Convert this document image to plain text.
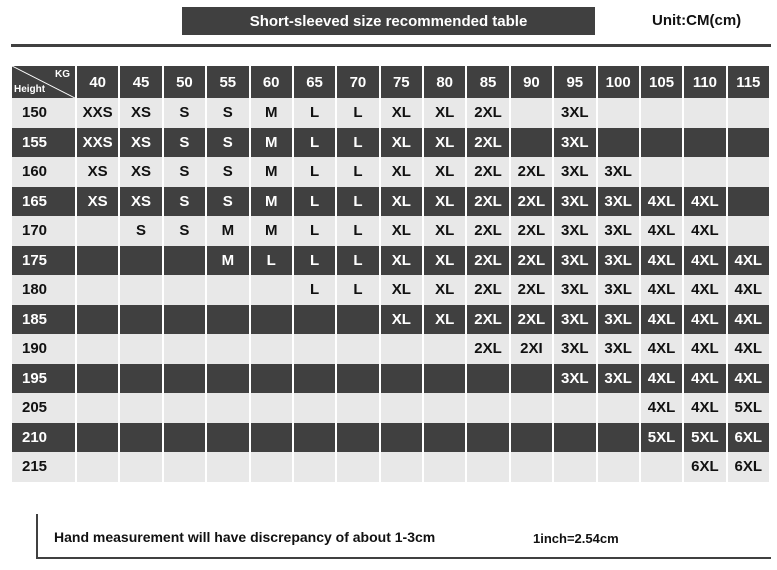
Short-sleeved size recommended table	Unit:CM(cm)
KG
Height	40	45	50	55	60	65	70	75	80	85	90	95	100	105	110	115
150	XXS	XS	S	S	M	L	L	XL	XL	2XL		3XL				
155	XXS	XS	S	S	M	L	L	XL	XL	2XL		3XL				
160	XS	XS	S	S	M	L	L	XL	XL	2XL	2XL	3XL	3XL			
165	XS	XS	S	S	M	L	L	XL	XL	2XL	2XL	3XL	3XL	4XL	4XL	
170		S	S	M	M	L	L	XL	XL	2XL	2XL	3XL	3XL	4XL	4XL	
175				M	L	L	L	XL	XL	2XL	2XL	3XL	3XL	4XL	4XL	4XL
180						L	L	XL	XL	2XL	2XL	3XL	3XL	4XL	4XL	4XL
185								XL	XL	2XL	2XL	3XL	3XL	4XL	4XL	4XL
190										2XL	2XI	3XL	3XL	4XL	4XL	4XL
195												3XL	3XL	4XL	4XL	4XL
205														4XL	4XL	5XL
210														5XL	5XL	6XL
215															6XL	6XL
Hand measurement will have discrepancy of about 1-3cm	1inch=2.54cm
